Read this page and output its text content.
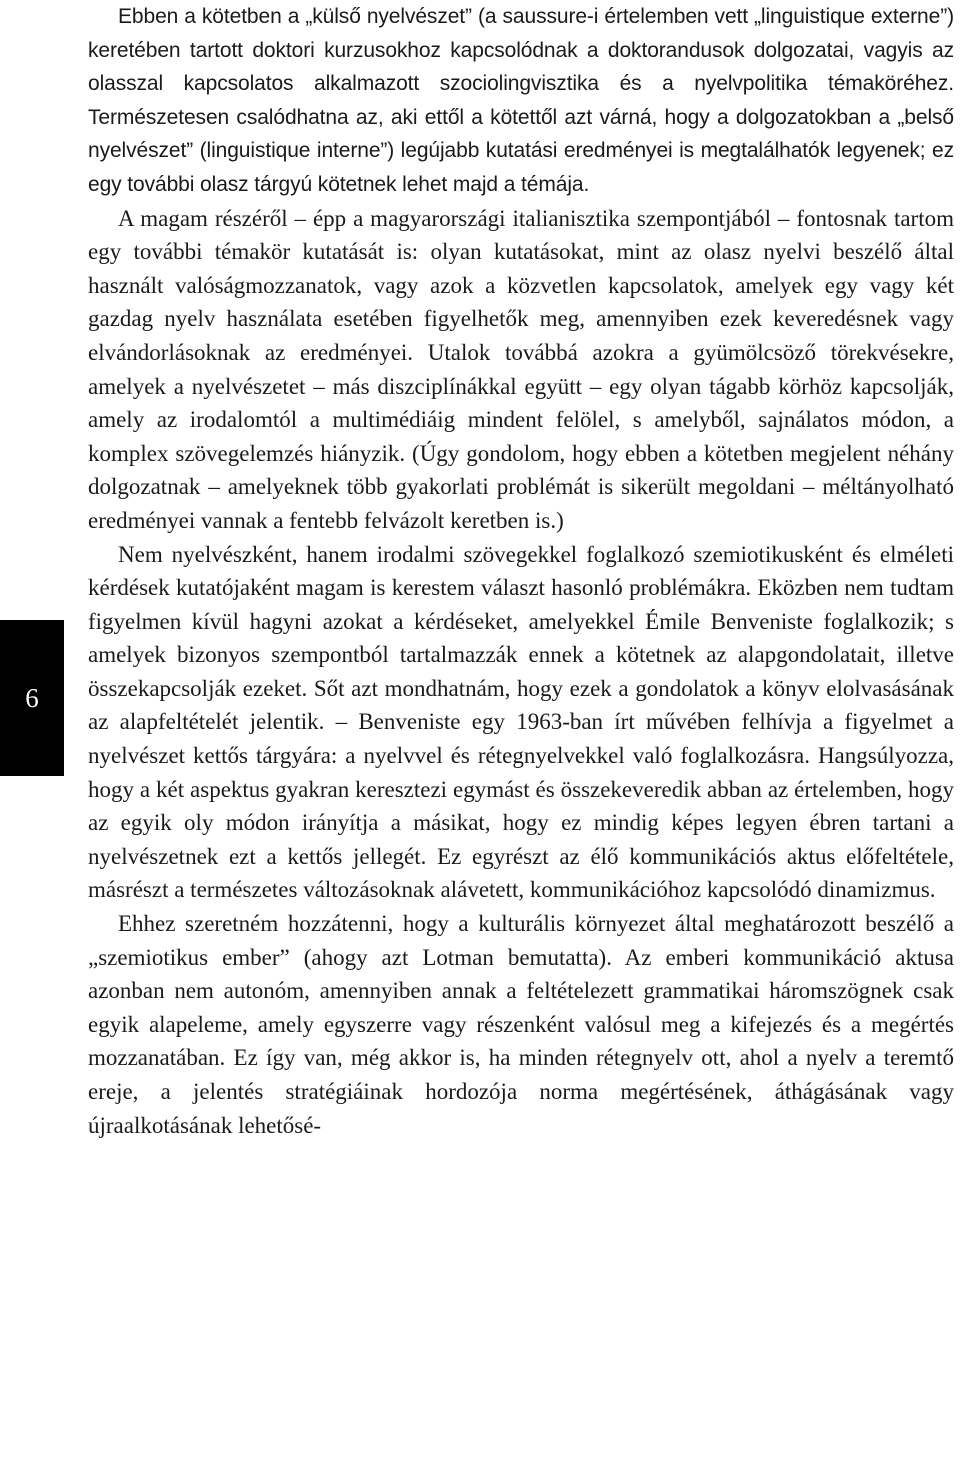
6

Ebben a kötetben a „külső nyelvészet” (a saussure-i értelemben vett „linguistique externe”) keretében tartott doktori kurzusokhoz kapcsolódnak a doktorandusok dolgozatai, vagyis az olasszal kapcsolatos alkalmazott szociolingvisztika és a nyelvpolitika témaköréhez. Természetesen csalódhatna az, aki ettől a kötettől azt várná, hogy a dolgozatokban a „belső nyelvészet” (linguistique interne”) legújabb kutatási eredményei is megtalálhatók legyenek; ez egy további olasz tárgyú kötetnek lehet majd a témája.

A magam részéről – épp a magyarországi italianisztika szempontjából – fontosnak tartom egy további témakör kutatását is: olyan kutatásokat, mint az olasz nyelvi beszélő által használt valóságmozzanatok, vagy azok a közvetlen kapcsolatok, amelyek egy vagy két gazdag nyelv használata esetében figyelhetők meg, amennyiben ezek keveredésnek vagy elvándorlásoknak az eredményei. Utalok továbbá azokra a gyümölcsöző törekvésekre, amelyek a nyelvészetet – más diszciplínákkal együtt – egy olyan tágabb körhöz kapcsolják, amely az irodalomtól a multimédiáig mindent felölel, s amelyből, sajnálatos módon, a komplex szövegelemzés hiányzik. (Úgy gondolom, hogy ebben a kötetben megjelent néhány dolgozatnak – amelyeknek több gyakorlati problémát is sikerült megoldani – méltányolható eredményei vannak a fentebb felvázolt keretben is.)

Nem nyelvészként, hanem irodalmi szövegekkel foglalkozó szemiotikusként és elméleti kérdések kutatójaként magam is kerestem választ hasonló problémákra. Eközben nem tudtam figyelmen kívül hagyni azokat a kérdéseket, amelyekkel Émile Benveniste foglalkozik; s amelyek bizonyos szempontból tartalmazzák ennek a kötetnek az alapgondolatait, illetve összekapcsolják ezeket. Sőt azt mondhatnám, hogy ezek a gondolatok a könyv elolvasásának az alapfeltételét jelentik. – Benveniste egy 1963-ban írt művében felhívja a figyelmet a nyelvészet kettős tárgyára: a nyelvvel és rétegnyelvekkel való foglalkozásra. Hangsúlyozza, hogy a két aspektus gyakran keresztezi egymást és összekeveredik abban az értelemben, hogy az egyik oly módon irányítja a másikat, hogy ez mindig képes legyen ébren tartani a nyelvészetnek ezt a kettős jellegét. Ez egyrészt az élő kommunikációs aktus előfeltétele, másrészt a természetes változásoknak alávetett, kommunikációhoz kapcsolódó dinamizmus.

Ehhez szeretném hozzátenni, hogy a kulturális környezet által meghatározott beszélő a „szemiotikus ember” (ahogy azt Lotman bemutatta). Az emberi kommunikáció aktusa azonban nem autonóm, amennyiben annak a feltételezett grammatikai háromszögnek csak egyik alapeleme, amely egyszerre vagy részenként valósul meg a kifejezés és a megértés mozzanatában. Ez így van, még akkor is, ha minden rétegnyelv ott, ahol a nyelv a teremtő ereje, a jelentés stratégiáinak hordozója norma megértésének, áthágásának vagy újraalkotásának lehetősé-
